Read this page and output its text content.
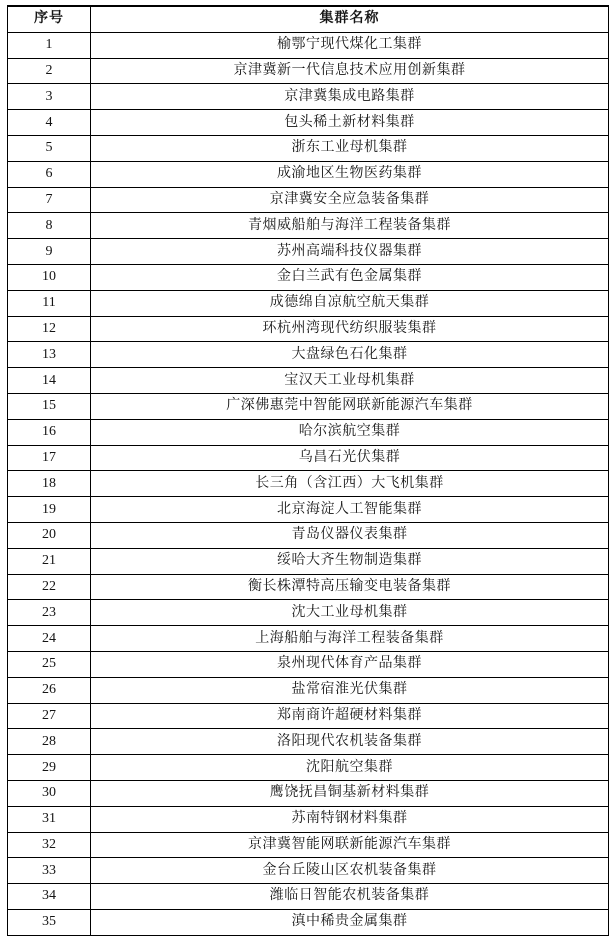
序号	集群名称
1	榆鄂宁现代煤化工集群
2	京津冀新一代信息技术应用创新集群
3	京津冀集成电路集群
4	包头稀土新材料集群
5	浙东工业母机集群
6	成渝地区生物医药集群
7	京津冀安全应急装备集群
8	青烟威船舶与海洋工程装备集群
9	苏州高端科技仪器集群
10	金白兰武有色金属集群
11	成德绵自凉航空航天集群
12	环杭州湾现代纺织服装集群
13	大盘绿色石化集群
14	宝汉天工业母机集群
15	广深佛惠莞中智能网联新能源汽车集群
16	哈尔滨航空集群
17	乌昌石光伏集群
18	长三角（含江西）大飞机集群
19	北京海淀人工智能集群
20	青岛仪器仪表集群
21	绥哈大齐生物制造集群
22	衡长株潭特高压输变电装备集群
23	沈大工业母机集群
24	上海船舶与海洋工程装备集群
25	泉州现代体育产品集群
26	盐常宿淮光伏集群
27	郑南商许超硬材料集群
28	洛阳现代农机装备集群
29	沈阳航空集群
30	鹰饶抚昌铜基新材料集群
31	苏南特钢材料集群
32	京津冀智能网联新能源汽车集群
33	金台丘陵山区农机装备集群
34	潍临日智能农机装备集群
35	滇中稀贵金属集群
